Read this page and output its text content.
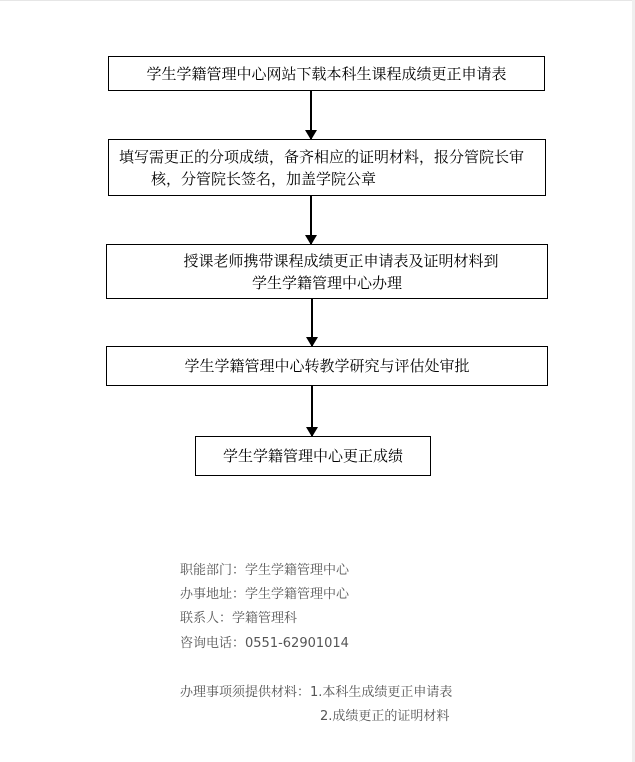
学生学籍管理中心网站下载本科生课程成绩更正申请表
填写需更正的分项成绩，备齐相应的证明材料，报分管院长审
核，分管院长签名，加盖学院公章
授课老师携带课程成绩更正申请表及证明材料到
学生学籍管理中心办理
学生学籍管理中心转教学研究与评估处审批
学生学籍管理中心更正成绩
职能部门：学生学籍管理中心
办事地址：学生学籍管理中心
联系人：学籍管理科
咨询电话：0551-62901014
办理事项须提供材料：1.本科生成绩更正申请表
2.成绩更正的证明材料
